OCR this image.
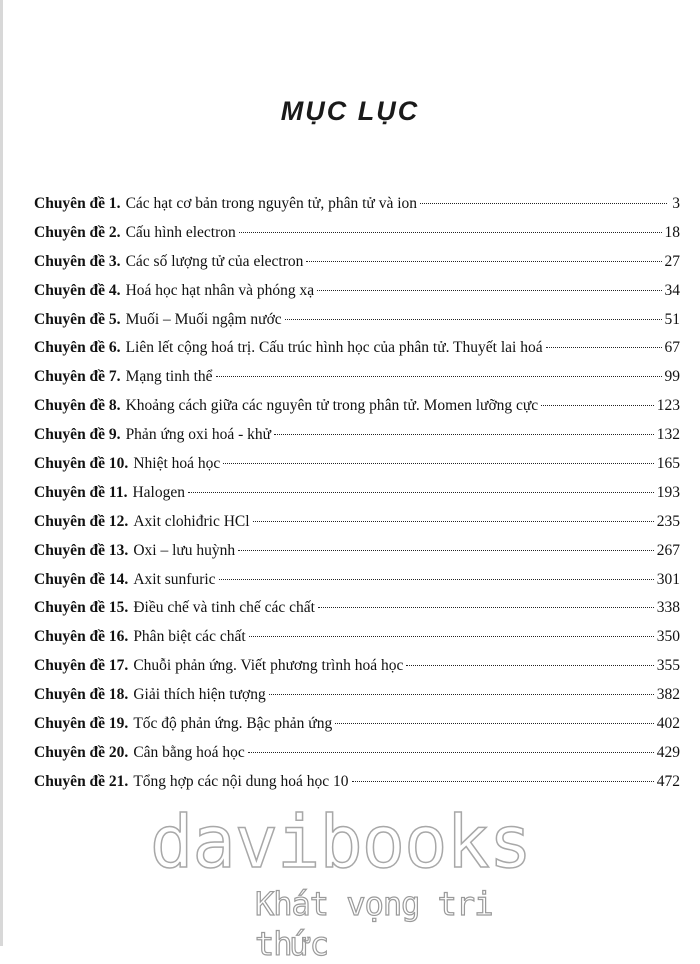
MỤC LỤC
Chuyên đề 1. Các hạt cơ bản trong nguyên tử, phân tử và ion	3
Chuyên đề 2. Cấu hình electron	18
Chuyên đề 3. Các số lượng tử của electron	27
Chuyên đề 4. Hoá học hạt nhân và phóng xạ	34
Chuyên đề 5. Muối – Muối ngậm nước	51
Chuyên đề 6. Liên lết cộng hoá trị. Cấu trúc hình học của phân tử. Thuyết lai hoá	67
Chuyên đề 7. Mạng tinh thể	99
Chuyên đề 8. Khoảng cách giữa các nguyên tử trong phân tử. Momen lưỡng cực	123
Chuyên đề 9. Phản ứng oxi hoá - khử	132
Chuyên đề 10. Nhiệt hoá học	165
Chuyên đề 11. Halogen	193
Chuyên đề 12. Axit clohiđric HCl	235
Chuyên đề 13. Oxi – lưu huỳnh	267
Chuyên đề 14. Axit sunfuric	301
Chuyên đề 15. Điều chế và tinh chế các chất	338
Chuyên đề 16. Phân biệt các chất	350
Chuyên đề 17. Chuỗi phản ứng. Viết phương trình hoá học	355
Chuyên đề 18. Giải thích hiện tượng	382
Chuyên đề 19. Tốc độ phản ứng. Bậc phản ứng	402
Chuyên đề 20. Cân bằng hoá học	429
Chuyên đề 21. Tổng hợp các nội dung hoá học 10	472
davibooks
Khát vọng tri thức
